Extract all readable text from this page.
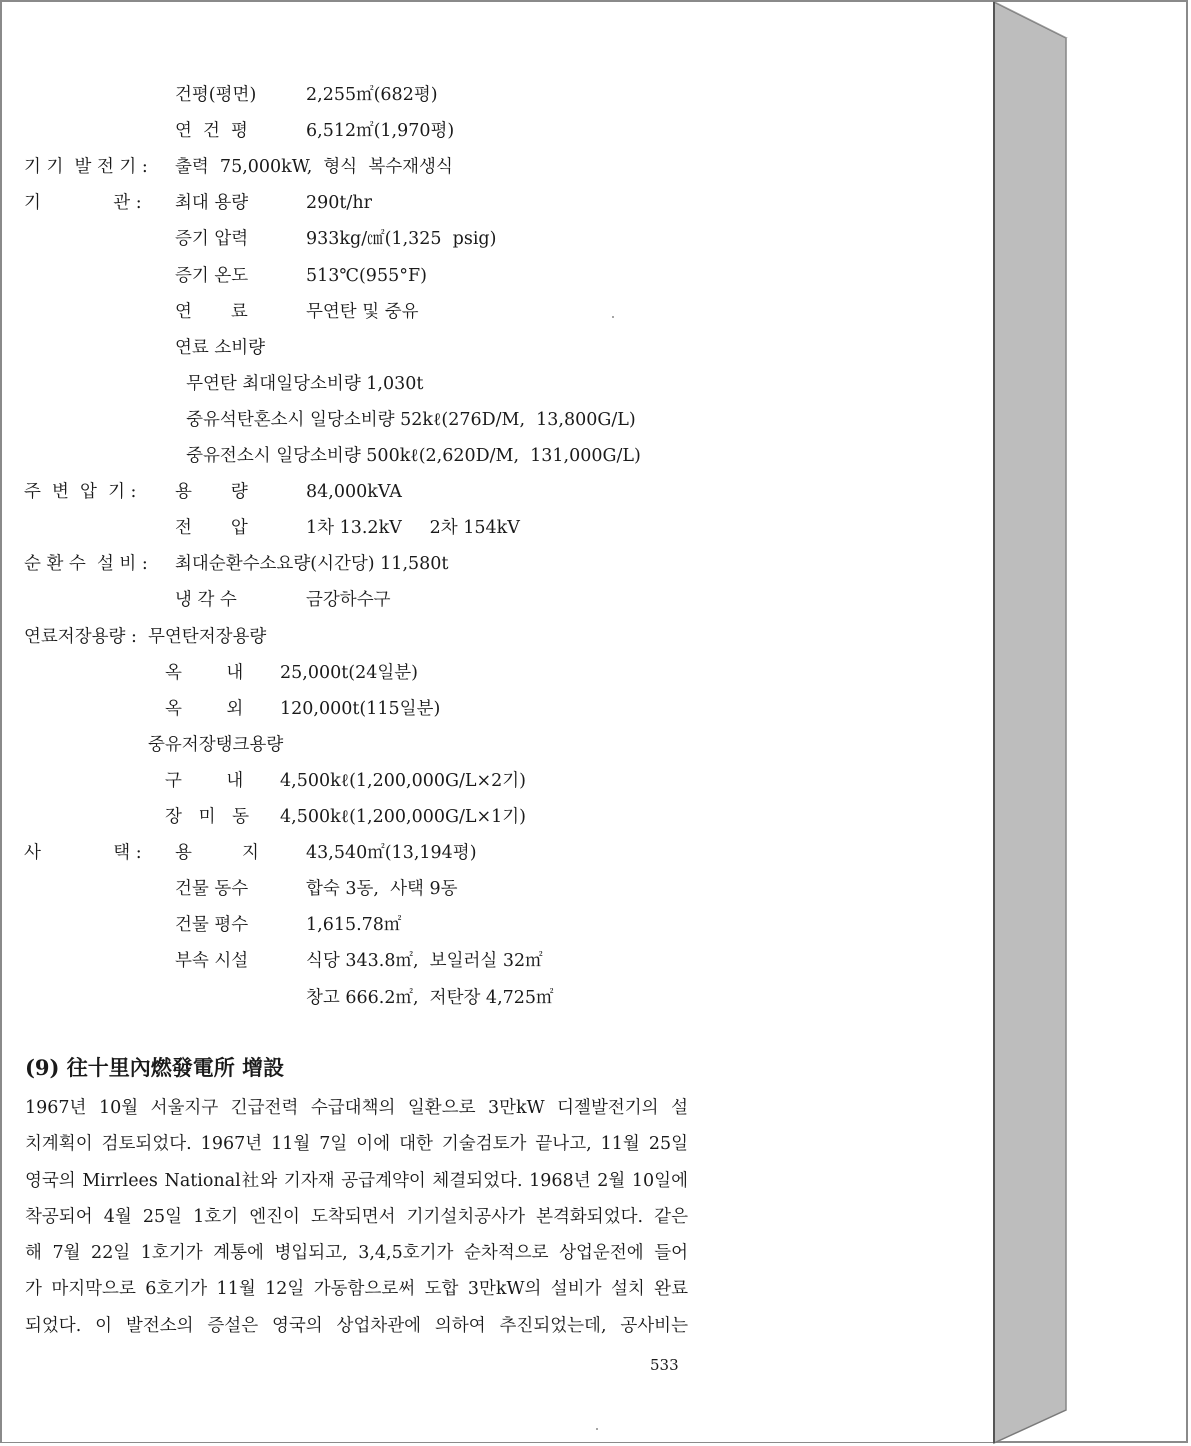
건평(평면)	2,255㎡(682평)
연  건  평	6,512㎡(1,970평)
기 기  발 전 기 : 출력  75,000kW,  형식  복수재생식
기             관 : 최대 용량	290t/hr
증기 압력	933kg/㎠(1,325  psig)
증기 온도	513℃(955°F)
연       료	무연탄 및 중유
연료 소비량
무연탄 최대일당소비량 1,030t
중유석탄혼소시 일당소비량 52kℓ(276D/M,  13,800G/L)
중유전소시 일당소비량 500kℓ(2,620D/M,  131,000G/L)
주  변  압  기 : 용       량	84,000kVA
전       압	1차 13.2kV     2차 154kV
순 환 수  설 비 : 최대순환수소요량(시간당) 11,580t
냉 각 수	금강하수구
연료저장용량 : 무연탄저장용량
옥        내 25,000t(24일분)
옥        외 120,000t(115일분)
중유저장탱크용량
구        내 4,500kℓ(1,200,000G/L×2기)
장   미   동 4,500kℓ(1,200,000G/L×1기)
사             택 : 용         지	43,540㎡(13,194평)
건물 동수	합숙 3동,  사택 9동
건물 평수	1,615.78㎡
부속 시설	식당 343.8㎡,  보일러실 32㎡
창고 666.2㎡,  저탄장 4,725㎡
(9) 往十里內燃發電所 增設
1967년 10월 서울지구 긴급전력 수급대책의 일환으로 3만kW 디젤발전기의 설
치계획이 검토되었다. 1967년 11월 7일 이에 대한 기술검토가 끝나고, 11월 25일
영국의 Mirrlees National社와 기자재 공급계약이 체결되었다. 1968년 2월 10일에
착공되어 4월 25일 1호기 엔진이 도착되면서 기기설치공사가 본격화되었다. 같은
해 7월 22일 1호기가 계통에 병입되고, 3,4,5호기가 순차적으로 상업운전에 들어
가 마지막으로 6호기가 11월 12일 가동함으로써 도합 3만kW의 설비가 설치 완료
되었다. 이 발전소의 증설은 영국의 상업차관에 의하여 추진되었는데, 공사비는
533
